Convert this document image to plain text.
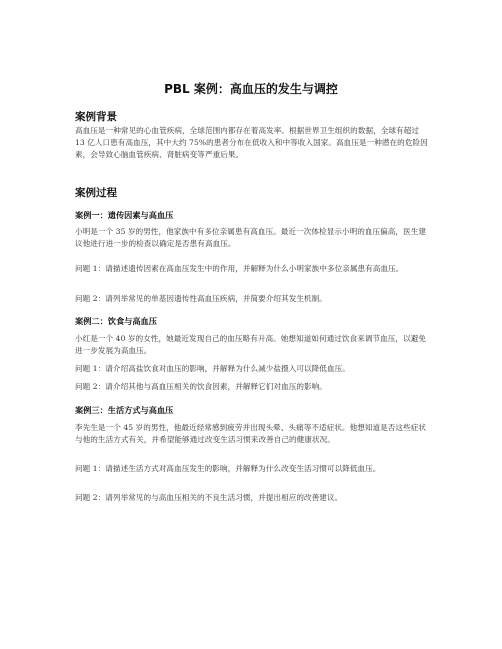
PBL 案例：高血压的发生与调控
案例背景

高血压是一种常见的心血管疾病，全球范围内都存在着高发率。根据世界卫生组织的数据，全球有超过 13 亿人口患有高血压，其中大约 75%的患者分布在低收入和中等收入国家。高血压是一种潜在的危险因素，会导致心脑血管疾病、肾脏病变等严重后果。

案例过程
案例一：遗传因素与高血压

小明是一个 35 岁的男性，他家族中有多位亲属患有高血压。最近一次体检显示小明的血压偏高，医生建议他进行进一步的检查以确定是否患有高血压。

问题 1：请描述遗传因素在高血压发生中的作用，并解释为什么小明家族中多位亲属患有高血压。

问题 2：请列举常见的单基因遗传性高血压疾病，并简要介绍其发生机制。

案例二：饮食与高血压

小红是一个 40 岁的女性，她最近发现自己的血压略有升高。她想知道如何通过饮食来调节血压，以避免进一步发展为高血压。

问题 1：请介绍高盐饮食对血压的影响，并解释为什么减少盐摄入可以降低血压。

问题 2：请介绍其他与高血压相关的饮食因素，并解释它们对血压的影响。

案例三：生活方式与高血压

李先生是一个 45 岁的男性，他最近经常感到疲劳并出现头晕、头痛等不适症状。他想知道是否这些症状与他的生活方式有关，并希望能够通过改变生活习惯来改善自己的健康状况。

问题 1：请描述生活方式对高血压发生的影响，并解释为什么改变生活习惯可以降低血压。

问题 2：请列举常见的与高血压相关的不良生活习惯，并提出相应的改善建议。
